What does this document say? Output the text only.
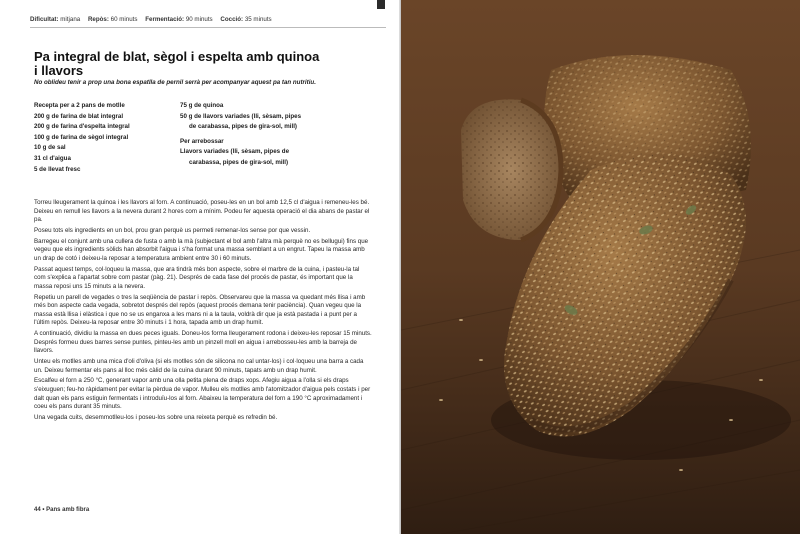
Dificultat: mitjana Repòs: 60 minuts Fermentació: 90 minuts Cocció: 35 minuts
Pa integral de blat, sègol i espelta amb quinoa
i llavors

No oblideu tenir a prop una bona espatlla de pernil serrà per acompanyar aquest pa tan nutritiu.

Recepta per a 2 pans de motlle
200 g de farina de blat integral
200 g de farina d'espelta integral
100 g de farina de sègol integral
10 g de sal
31 cl d'aigua
5 de llevat fresc
75 g de quinoa
50 g de llavors variades (lli, sèsam, pipes
de carabassa, pipes de gira-sol, mill)
Per arrebossar
Llavors variades (lli, sèsam, pipes de
carabassa, pipes de gira-sol, mill)

Torreu lleugerament la quinoa i les llavors al forn. A continuació, poseu-les en un bol amb 12,5 cl d'aigua i remeneu-les bé. Deixeu en remull les llavors a la nevera durant 2 hores com a mínim. Podeu fer aquesta operació el dia abans de pastar el pa.

Poseu tots els ingredients en un bol, prou gran perquè us permeti remenar-los sense por que vessin.

Barregeu el conjunt amb una cullera de fusta o amb la mà (subjectant el bol amb l'altra mà perquè no es bellugui) fins que vegeu que els ingredients sòlids han absorbit l'aigua i s'ha format una massa semblant a un engrut. Tapeu la massa amb un drap de cotó i deixeu-la reposar a temperatura ambient entre 30 i 60 minuts.

Passat aquest temps, col·loqueu la massa, que ara tindrà més bon aspecte, sobre el marbre de la cuina, i pasteu-la tal com s'explica a l'apartat sobre com pastar (pàg. 21). Després de cada fase del procés de pastar, és important que la massa reposi uns 15 minuts a la nevera.

Repetiu un parell de vegades o tres la seqüència de pastar i repòs. Observareu que la massa va quedant més llisa i amb més bon aspecte cada vegada, sobretot després del repòs (aquest procés demana tenir paciència). Quan vegeu que la massa està llisa i elàstica i que no se us enganxa a les mans ni a la taula, voldrà dir que ja està pastada i a punt per a l'últim repòs. Deixeu-la reposar entre 30 minuts i 1 hora, tapada amb un drap humit.

A continuació, dividiu la massa en dues peces iguals. Doneu-los forma lleugerament rodona i deixeu-les reposar 15 minuts. Després formeu dues barres sense puntes, pinteu-les amb un pinzell moll en aigua i arrebosseu-les amb la barreja de llavors.

Unteu els motlles amb una mica d'oli d'oliva (si els motlles són de silicona no cal untar-los) i col·loqueu una barra a cada un. Deixeu fermentar els pans al lloc més càlid de la cuina durant 90 minuts, tapats amb un drap humit.

Escalfeu el forn a 250 °C, generant vapor amb una olla petita plena de draps xops. Afegiu aigua a l'olla si els draps s'eixuguen; feu-ho ràpidament per evitar la pèrdua de vapor. Mulleu els motlles amb l'atomitzador d'aigua pels costats i per dalt quan els pans estiguin fermentats i introduïu-los al forn. Abaixeu la temperatura del forn a 190 °C aproximadament i coeu els pans durant 35 minuts.

Una vegada cuits, desemmotlleu-los i poseu-los sobre una reixeta perquè es refredin bé.

44 • Pans amb fibra
